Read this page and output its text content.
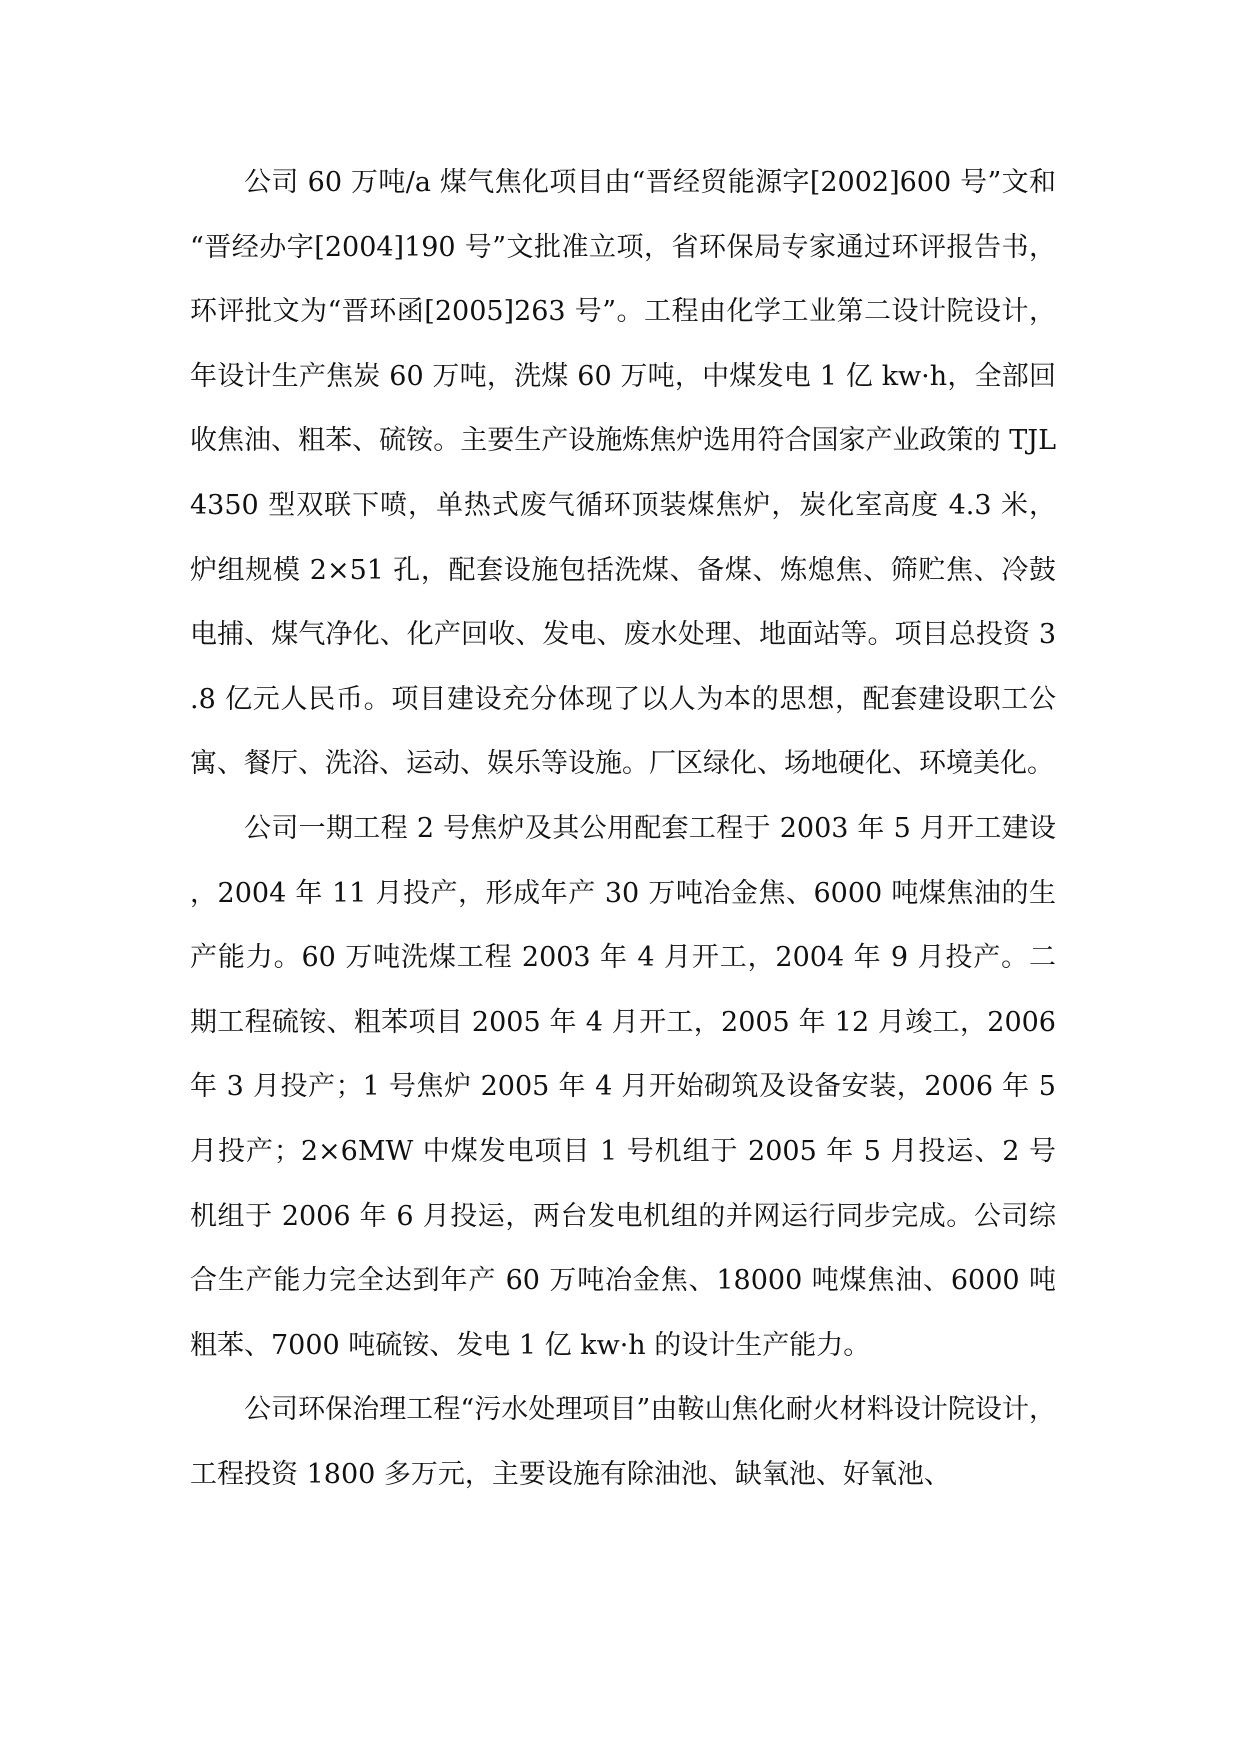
公司 60 万吨/a 煤气焦化项目由“晋经贸能源字[2002]600 号”文和“晋经办字[2004]190 号”文批准立项，省环保局专家通过环评报告书，环评批文为“晋环函[2005]263 号”。工程由化学工业第二设计院设计，年设计生产焦炭 60 万吨，洗煤 60 万吨，中煤发电 1 亿 kw·h，全部回收焦油、粗苯、硫铵。主要生产设施炼焦炉选用符合国家产业政策的 TJL4350 型双联下喷，单热式废气循环顶装煤焦炉，炭化室高度 4.3 米，炉组规模 2×51 孔，配套设施包括洗煤、备煤、炼熄焦、筛贮焦、冷鼓电捕、煤气净化、化产回收、发电、废水处理、地面站等。项目总投资 3.8 亿元人民币。项目建设充分体现了以人为本的思想，配套建设职工公寓、餐厅、洗浴、运动、娱乐等设施。厂区绿化、场地硬化、环境美化。

公司一期工程 2 号焦炉及其公用配套工程于 2003 年 5 月开工建设，2004 年 11 月投产，形成年产 30 万吨冶金焦、6000 吨煤焦油的生产能力。60 万吨洗煤工程 2003 年 4 月开工，2004 年 9 月投产。二期工程硫铵、粗苯项目 2005 年 4 月开工，2005 年 12 月竣工，2006 年 3 月投产；1 号焦炉 2005 年 4 月开始砌筑及设备安装，2006 年 5 月投产；2×6MW 中煤发电项目 1 号机组于 2005 年 5 月投运、2 号机组于 2006 年 6 月投运，两台发电机组的并网运行同步完成。公司综合生产能力完全达到年产 60 万吨冶金焦、18000 吨煤焦油、6000 吨粗苯、7000 吨硫铵、发电 1 亿 kw·h 的设计生产能力。

公司环保治理工程“污水处理项目”由鞍山焦化耐火材料设计院设计，工程投资 1800 多万元，主要设施有除油池、缺氧池、好氧池、
